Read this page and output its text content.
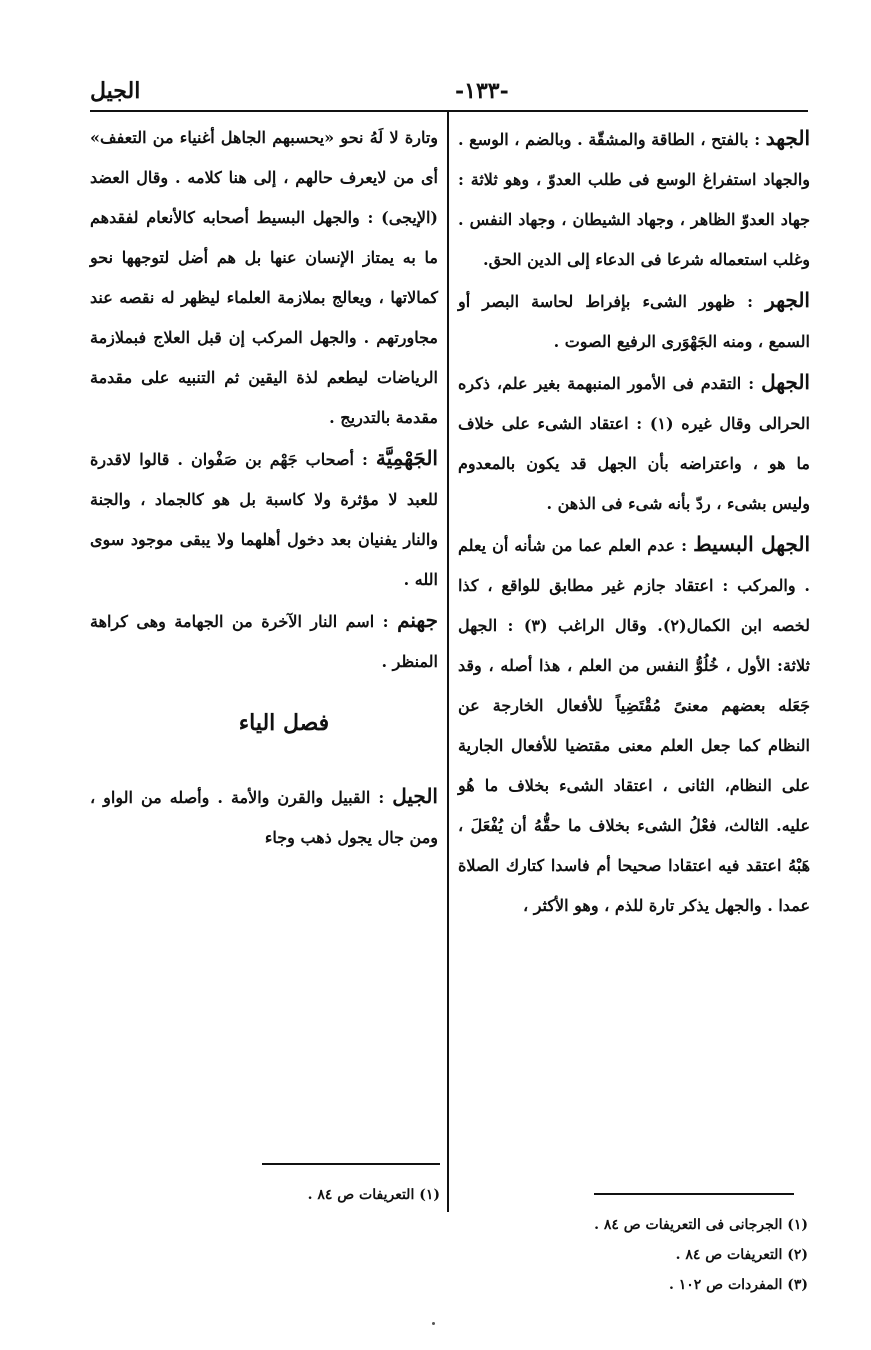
الجيل	-١٣٣-

الجهد : بالفتح ، الطاقة والمشقّة . وبالضم ، الوسع . والجهاد استفراغ الوسع فى طلب العدوّ ، وهو ثلاثة : جهاد العدوّ الظاهر ، وجهاد الشيطان ، وجهاد النفس . وغلب استعماله شرعا فى الدعاء إلى الدين الحق.

الجهر : ظهور الشىء بإفراط لحاسة البصر أو السمع ، ومنه الجَهْوَرى الرفيع الصوت .

الجهل : التقدم فى الأمور المنبهمة بغير علم، ذكره الحرالى وقال غيره (١) : اعتقاد الشىء على خلاف ما هو ، واعتراضه بأن الجهل قد يكون بالمعدوم وليس بشىء ، ردّ بأنه شىء فى الذهن .

الجهل البسيط : عدم العلم عما من شأنه أن يعلم . والمركب : اعتقاد جازم غير مطابق للواقع ، كذا لخصه ابن الكمال(٢). وقال الراغب (٣) : الجهل ثلاثة: الأول ، خُلُوُّ النفس من العلم ، هذا أصله ، وقد جَعَله بعضهم معنىً مُقْتَضِياً للأفعال الخارجة عن النظام كما جعل العلم معنى مقتضيا للأفعال الجارية على النظام، الثانى ، اعتقاد الشىء بخلاف ما هُو عليه. الثالث، فعْلُ الشىء بخلاف ما حقُّهُ أن يُفْعَلَ ، هَبْهُ اعتقد فيه اعتقادا صحيحا أم فاسدا كتارك الصلاة عمدا . والجهل يذكر تارة للذم ، وهو الأكثر ،

وتارة لا لَهُ نحو «يحسبهم الجاهل أغنياء من التعفف» أى من لايعرف حالهم ، إلى هنا كلامه . وقال العضد (الإيجى) : والجهل البسيط أصحابه كالأنعام لفقدهم ما به يمتاز الإنسان عنها بل هم أضل لتوجهها نحو كمالاتها ، ويعالج بملازمة العلماء ليظهر له نقصه عند مجاورتهم . والجهل المركب إن قبل العلاج فبملازمة الرياضات ليطعم لذة اليقين ثم التنبيه على مقدمة مقدمة بالتدريج .

الجَهْمِيَّة : أصحاب جَهْم بن صَفْوان . قالوا لاقدرة للعبد لا مؤثرة ولا كاسبة بل هو كالجماد ، والجنة والنار يفنيان بعد دخول أهلهما ولا يبقى موجود سوى الله .

جهنم : اسم النار الآخرة من الجهامة وهى كراهة المنظر .

فصل الياء

الجيل : القبيل والقرن والأمة . وأصله من الواو ، ومن جال يجول ذهب وجاء

(١) التعريفات ص ٨٤ .

(١) الجرجانى فى التعريفات ص ٨٤ .

(٢) التعريفات ص ٨٤ .

(٣) المفردات ص ١٠٢ .
